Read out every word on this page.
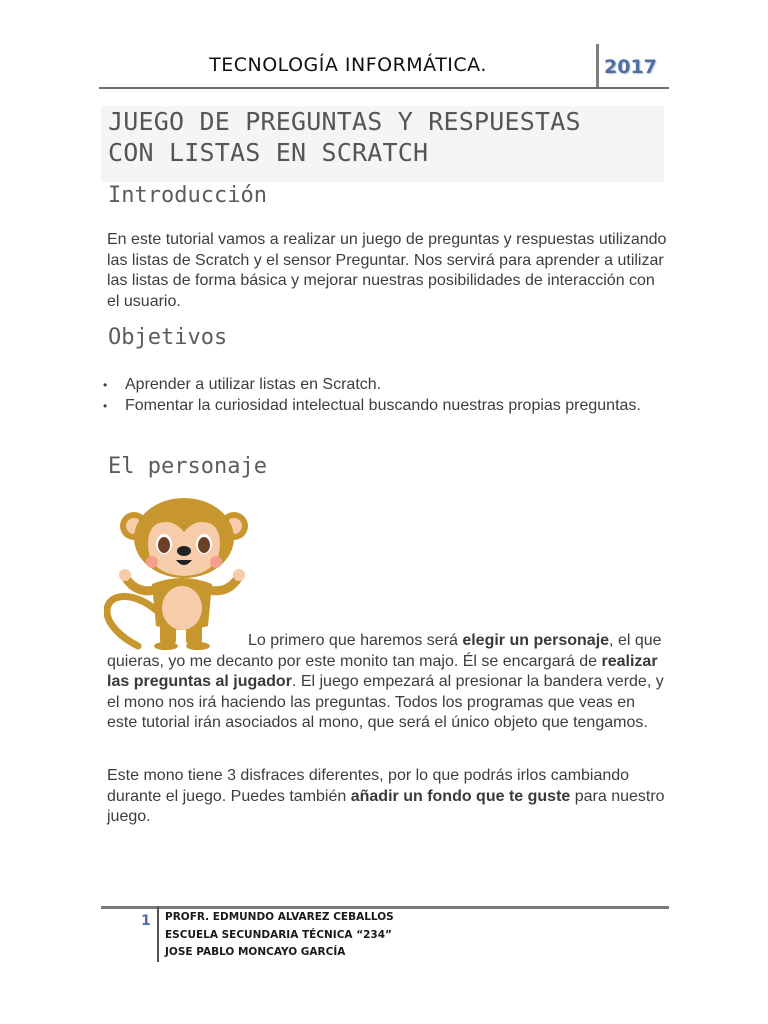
TECNOLOGÍA INFORMÁTICA.	2017
JUEGO DE PREGUNTAS Y RESPUESTAS
CON LISTAS EN SCRATCH
Introducción
En este tutorial vamos a realizar un juego de preguntas y respuestas utilizando las listas de Scratch y el sensor Preguntar. Nos servirá para aprender a utilizar las listas de forma básica y mejorar nuestras posibilidades de interacción con el usuario.
Objetivos
• Aprender a utilizar listas en Scratch.
• Fomentar la curiosidad intelectual buscando nuestras propias preguntas.
El personaje
Lo primero que haremos será elegir un personaje, el que quieras, yo me decanto por este monito tan majo. Él se encargará de realizar las preguntas al jugador. El juego empezará al presionar la bandera verde, y el mono nos irá haciendo las preguntas. Todos los programas que veas en este tutorial irán asociados al mono, que será el único objeto que tengamos.
Este mono tiene 3 disfraces diferentes, por lo que podrás irlos cambiando durante el juego. Puedes también añadir un fondo que te guste para nuestro juego.
1 PROFR. EDMUNDO ALVAREZ CEBALLOS
ESCUELA SECUNDARIA TÉCNICA “234”
JOSE PABLO MONCAYO GARCÍA
